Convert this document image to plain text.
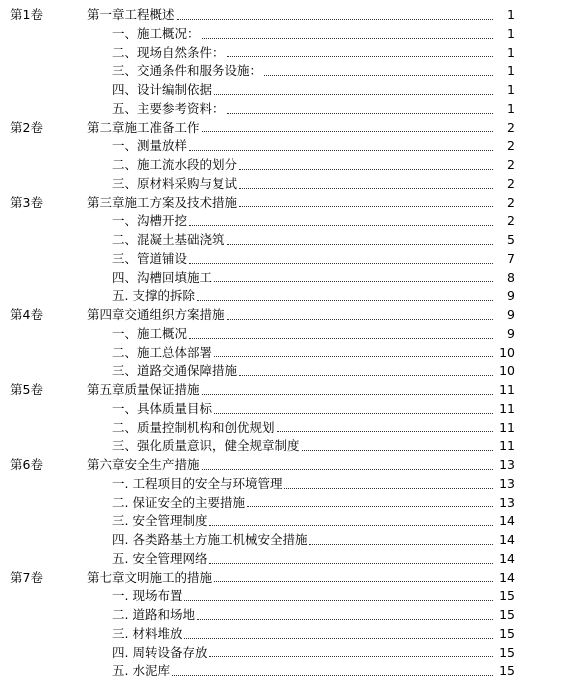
第1卷	第一章工程概述	1
一、施工概况：	1
二、现场自然条件：	1
三、交通条件和服务设施：	1
四、设计编制依据	1
五、主要参考资料：	1
第2卷	第二章施工准备工作	2
一、测量放样	2
二、施工流水段的划分	2
三、原材料采购与复试	2
第3卷	第三章施工方案及技术措施	2
一、沟槽开挖	2
二、混凝土基础浇筑	5
三、管道铺设	7
四、沟槽回填施工	8
五. 支撑的拆除	9
第4卷	第四章交通组织方案措施	9
一、施工概况	9
二、施工总体部署	10
三、道路交通保障措施	10
第5卷	第五章质量保证措施	11
一、具体质量目标	11
二、质量控制机构和创优规划	11
三、强化质量意识，健全规章制度	11
第6卷	第六章安全生产措施	13
一. 工程项目的安全与环境管理	13
二. 保证安全的主要措施	13
三. 安全管理制度	14
四. 各类路基土方施工机械安全措施	14
五. 安全管理网络	14
第7卷	第七章文明施工的措施	14
一. 现场布置	15
二. 道路和场地	15
三. 材料堆放	15
四. 周转设备存放	15
五. 水泥库	15
